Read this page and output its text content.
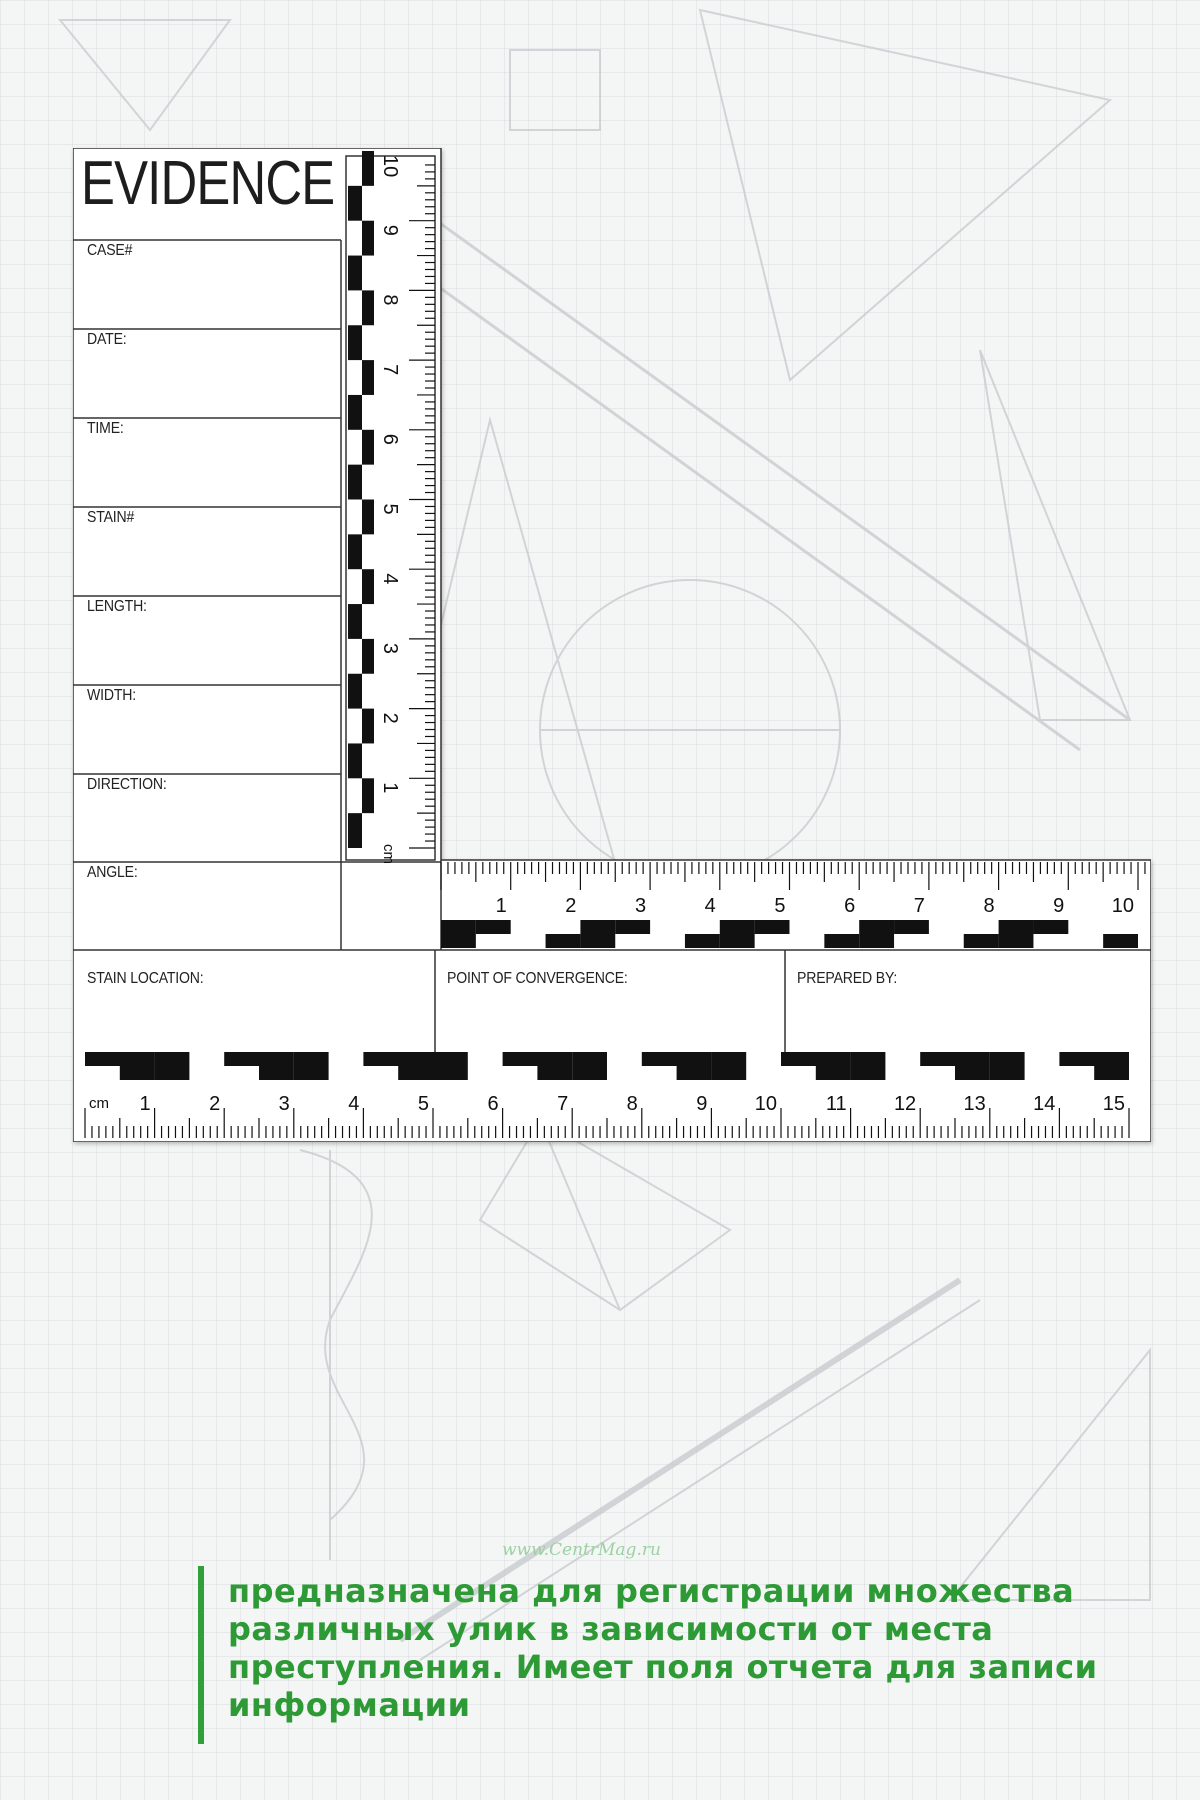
1
2
3
4
5
6
7
8
9
10
cm
1	2	3	4	5	6	7	8	9 10
1	2	3	4	5	6	7	8	9 10 11 12 13 14 15
cm
EVIDENCE
CASE#
DATE:
TIME:
STAIN#
LENGTH:
WIDTH:
DIRECTION:
ANGLE:
STAIN LOCATION:	POINT OF CONVERGENCE:	PREPARED BY:
www.CentrMag.ru
предназначена для регистрации множества
различных улик в зависимости от места
преступления. Имеет поля отчета для записи
информации
